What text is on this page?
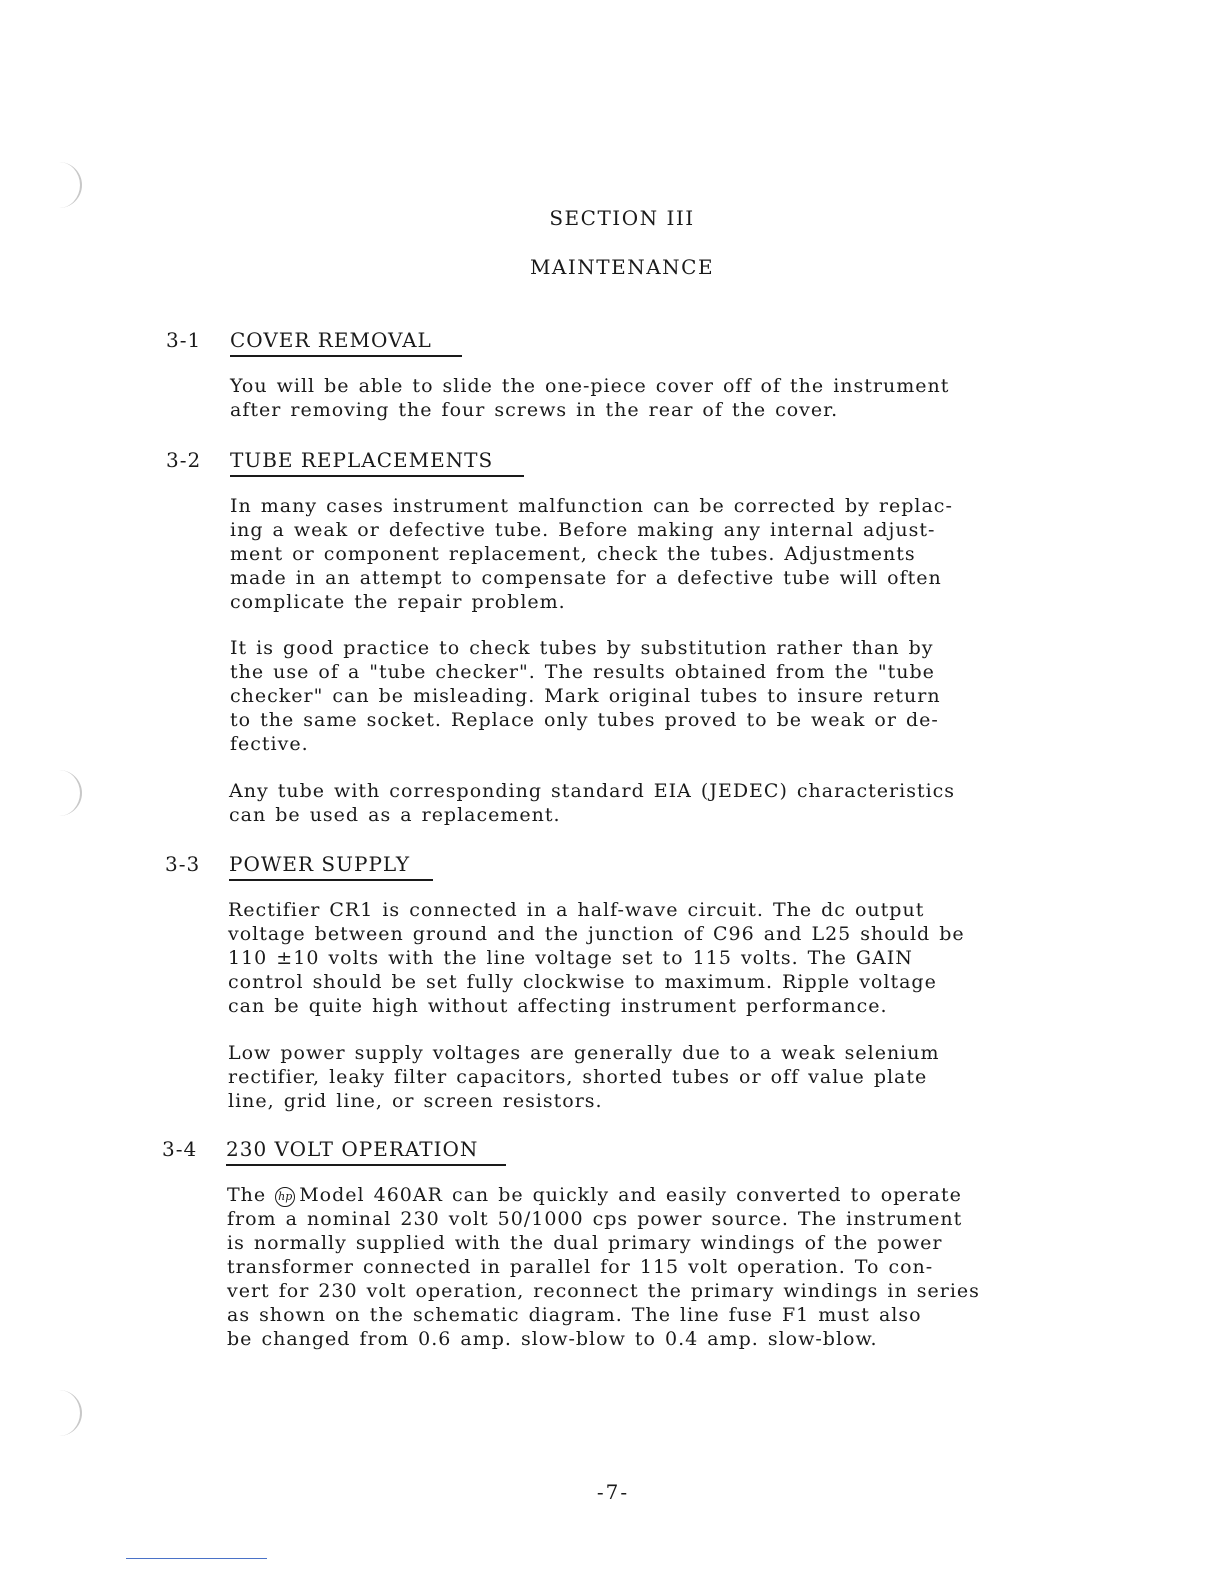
SECTION III
MAINTENANCE
3-1 COVER REMOVAL
You will be able to slide the one-piece cover off of the instrument
after removing the four screws in the rear of the cover.
3-2 TUBE REPLACEMENTS
In many cases instrument malfunction can be corrected by replac-
ing a weak or defective tube. Before making any internal adjust-
ment or component replacement, check the tubes. Adjustments
made in an attempt to compensate for a defective tube will often
complicate the repair problem.
It is good practice to check tubes by substitution rather than by
the use of a "tube checker". The results obtained from the "tube
checker" can be misleading. Mark original tubes to insure return
to the same socket. Replace only tubes proved to be weak or de-
fective.
Any tube with corresponding standard EIA (JEDEC) characteristics
can be used as a replacement.
3-3 POWER SUPPLY
Rectifier CR1 is connected in a half-wave circuit. The dc output
voltage between ground and the junction of C96 and L25 should be
110 ±10 volts with the line voltage set to 115 volts. The GAIN
control should be set fully clockwise to maximum. Ripple voltage
can be quite high without affecting instrument performance.
Low power supply voltages are generally due to a weak selenium
rectifier, leaky filter capacitors, shorted tubes or off value plate
line, grid line, or screen resistors.
3-4 230 VOLT OPERATION
The hp Model 460AR can be quickly and easily converted to operate
from a nominal 230 volt 50/1000 cps power source. The instrument
is normally supplied with the dual primary windings of the power
transformer connected in parallel for 115 volt operation. To con-
vert for 230 volt operation, reconnect the primary windings in series
as shown on the schematic diagram. The line fuse F1 must also
be changed from 0.6 amp. slow-blow to 0.4 amp. slow-blow.
-7-
